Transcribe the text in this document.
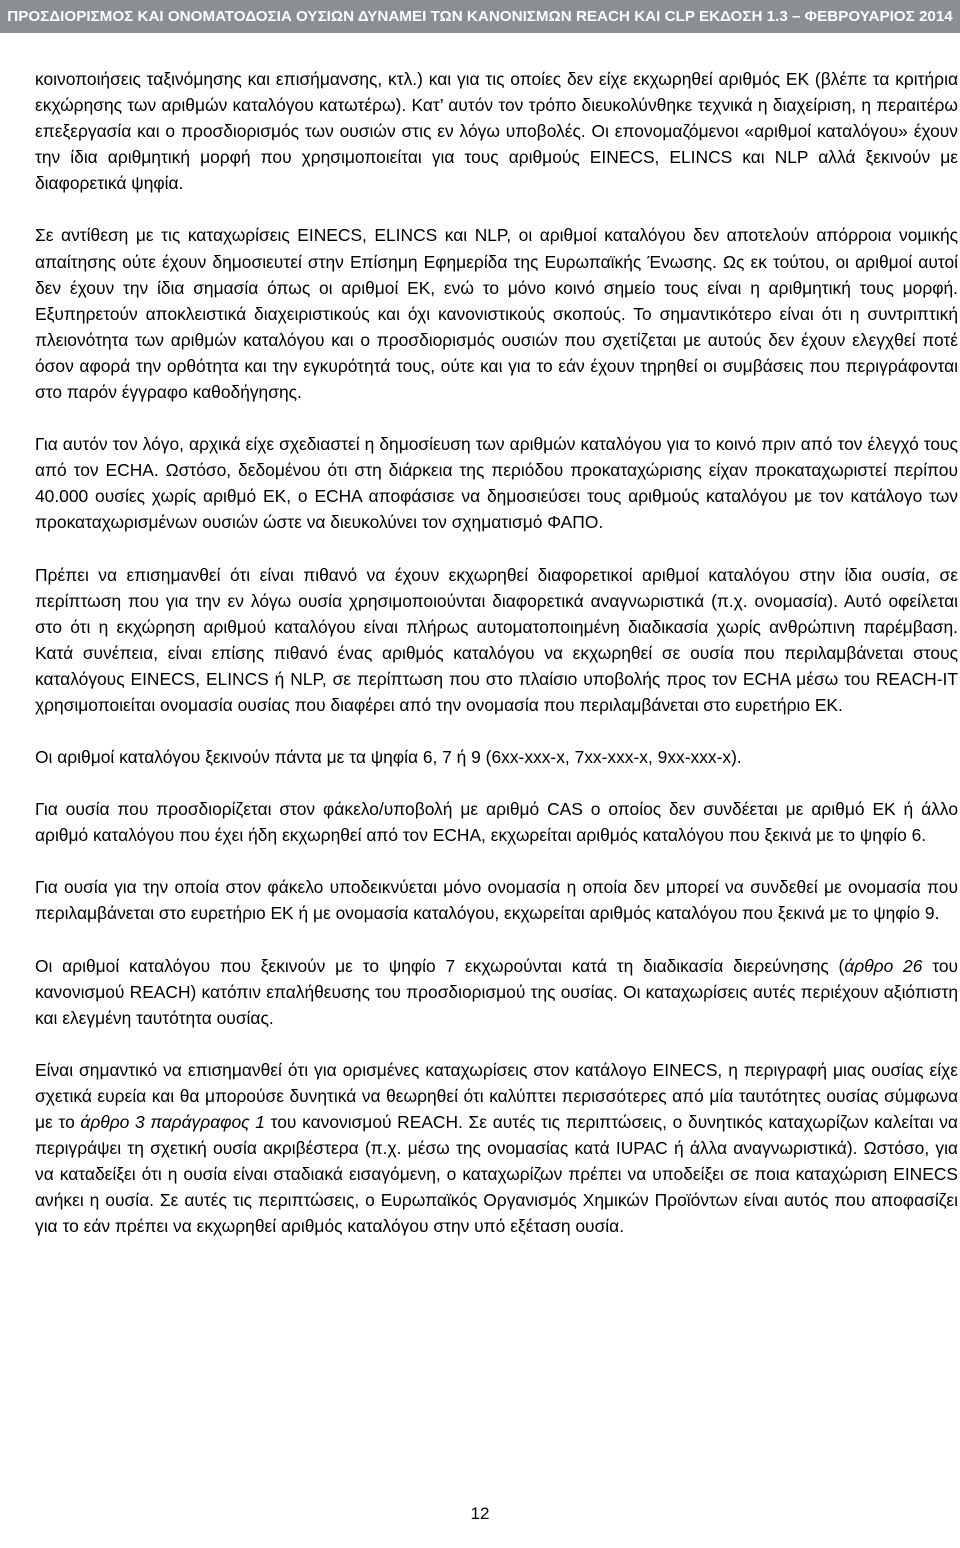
ΠΡΟΣΔΙΟΡΙΣΜΟΣ ΚΑΙ ΟΝΟΜΑΤΟΔΟΣΙΑ ΟΥΣΙΩΝ ΔΥΝΑΜΕΙ ΤΩΝ ΚΑΝΟΝΙΣΜΩΝ REACH ΚΑΙ CLP ΕΚΔΟΣΗ 1.3 – ΦΕΒΡΟΥΑΡΙΟΣ 2014

κοινοποιήσεις ταξινόμησης και επισήμανσης, κτλ.) και για τις οποίες δεν είχε εκχωρηθεί αριθμός ΕΚ (βλέπε τα κριτήρια εκχώρησης των αριθμών καταλόγου κατωτέρω). Κατ’ αυτόν τον τρόπο διευκολύνθηκε τεχνικά η διαχείριση, η περαιτέρω επεξεργασία και ο προσδιορισμός των ουσιών στις εν λόγω υποβολές. Οι επονομαζόμενοι «αριθμοί καταλόγου» έχουν την ίδια αριθμητική μορφή που χρησιμοποιείται για τους αριθμούς EINECS, ELINCS και NLP αλλά ξεκινούν με διαφορετικά ψηφία.

Σε αντίθεση με τις καταχωρίσεις EINECS, ELINCS και NLP, οι αριθμοί καταλόγου δεν αποτελούν απόρροια νομικής απαίτησης ούτε έχουν δημοσιευτεί στην Επίσημη Εφημερίδα της Ευρωπαϊκής Ένωσης. Ως εκ τούτου, οι αριθμοί αυτοί δεν έχουν την ίδια σημασία όπως οι αριθμοί ΕΚ, ενώ το μόνο κοινό σημείο τους είναι η αριθμητική τους μορφή. Εξυπηρετούν αποκλειστικά διαχειριστικούς και όχι κανονιστικούς σκοπούς. Το σημαντικότερο είναι ότι η συντριπτική πλειονότητα των αριθμών καταλόγου και ο προσδιορισμός ουσιών που σχετίζεται με αυτούς δεν έχουν ελεγχθεί ποτέ όσον αφορά την ορθότητα και την εγκυρότητά τους, ούτε και για το εάν έχουν τηρηθεί οι συμβάσεις που περιγράφονται στο παρόν έγγραφο καθοδήγησης.

Για αυτόν τον λόγο, αρχικά είχε σχεδιαστεί η δημοσίευση των αριθμών καταλόγου για το κοινό πριν από τον έλεγχό τους από τον ECHA. Ωστόσο, δεδομένου ότι στη διάρκεια της περιόδου προκαταχώρισης είχαν προκαταχωριστεί περίπου 40.000 ουσίες χωρίς αριθμό ΕΚ, ο ECHA αποφάσισε να δημοσιεύσει τους αριθμούς καταλόγου με τον κατάλογο των προκαταχωρισμένων ουσιών ώστε να διευκολύνει τον σχηματισμό ΦΑΠΟ.

Πρέπει να επισημανθεί ότι είναι πιθανό να έχουν εκχωρηθεί διαφορετικοί αριθμοί καταλόγου στην ίδια ουσία, σε περίπτωση που για την εν λόγω ουσία χρησιμοποιούνται διαφορετικά αναγνωριστικά (π.χ. ονομασία). Αυτό οφείλεται στο ότι η εκχώρηση αριθμού καταλόγου είναι πλήρως αυτοματοποιημένη διαδικασία χωρίς ανθρώπινη παρέμβαση. Κατά συνέπεια, είναι επίσης πιθανό ένας αριθμός καταλόγου να εκχωρηθεί σε ουσία που περιλαμβάνεται στους καταλόγους EINECS, ELINCS ή NLP, σε περίπτωση που στο πλαίσιο υποβολής προς τον ECHA μέσω του REACH-IT χρησιμοποιείται ονομασία ουσίας που διαφέρει από την ονομασία που περιλαμβάνεται στο ευρετήριο ΕΚ.

Οι αριθμοί καταλόγου ξεκινούν πάντα με τα ψηφία 6, 7 ή 9 (6xx-xxx-x, 7xx-xxx-x, 9xx-xxx-x).

Για ουσία που προσδιορίζεται στον φάκελο/υποβολή με αριθμό CAS ο οποίος δεν συνδέεται με αριθμό ΕΚ ή άλλο αριθμό καταλόγου που έχει ήδη εκχωρηθεί από τον ECHA, εκχωρείται αριθμός καταλόγου που ξεκινά με το ψηφίο 6.

Για ουσία για την οποία στον φάκελο υποδεικνύεται μόνο ονομασία η οποία δεν μπορεί να συνδεθεί με ονομασία που περιλαμβάνεται στο ευρετήριο ΕΚ ή με ονομασία καταλόγου, εκχωρείται αριθμός καταλόγου που ξεκινά με το ψηφίο 9.

Οι αριθμοί καταλόγου που ξεκινούν με το ψηφίο 7 εκχωρούνται κατά τη διαδικασία διερεύνησης (άρθρο 26 του κανονισμού REACH) κατόπιν επαλήθευσης του προσδιορισμού της ουσίας. Οι καταχωρίσεις αυτές περιέχουν αξιόπιστη και ελεγμένη ταυτότητα ουσίας.

Είναι σημαντικό να επισημανθεί ότι για ορισμένες καταχωρίσεις στον κατάλογο EINECS, η περιγραφή μιας ουσίας είχε σχετικά ευρεία και θα μπορούσε δυνητικά να θεωρηθεί ότι καλύπτει περισσότερες από μία ταυτότητες ουσίας σύμφωνα με το άρθρο 3 παράγραφος 1 του κανονισμού REACH. Σε αυτές τις περιπτώσεις, ο δυνητικός καταχωρίζων καλείται να περιγράψει τη σχετική ουσία ακριβέστερα (π.χ. μέσω της ονομασίας κατά IUPAC ή άλλα αναγνωριστικά). Ωστόσο, για να καταδείξει ότι η ουσία είναι σταδιακά εισαγόμενη, ο καταχωρίζων πρέπει να υποδείξει σε ποια καταχώριση EINECS ανήκει η ουσία. Σε αυτές τις περιπτώσεις, ο Ευρωπαϊκός Οργανισμός Χημικών Προϊόντων είναι αυτός που αποφασίζει για το εάν πρέπει να εκχωρηθεί αριθμός καταλόγου στην υπό εξέταση ουσία.

12
